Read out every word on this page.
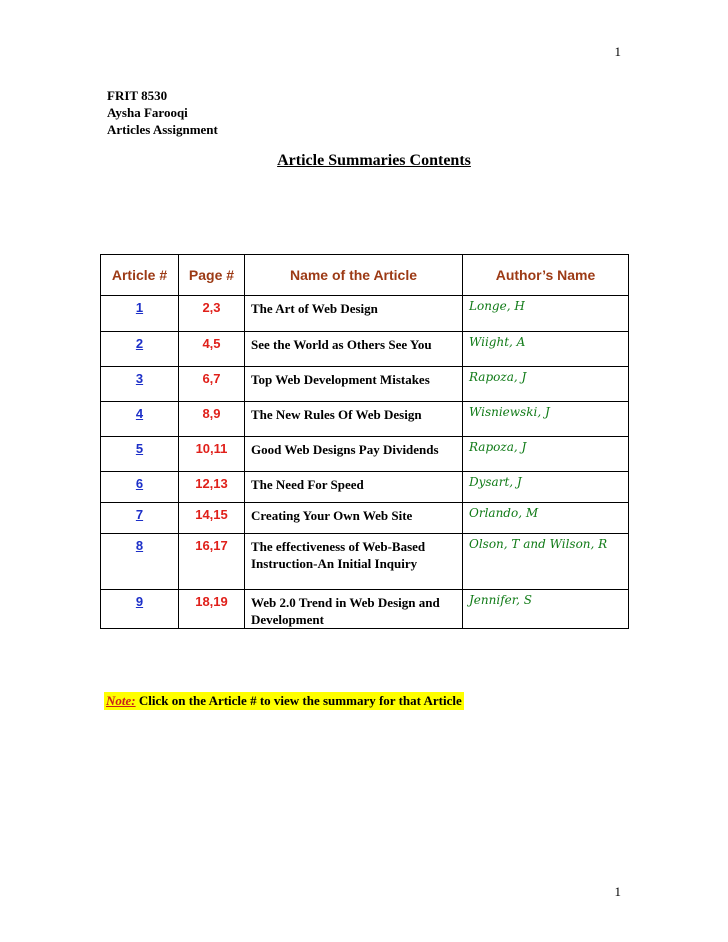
1
FRIT 8530
Aysha Farooqi
Articles Assignment
Article Summaries Contents
Article #	Page #	Name of the Article	Author’s Name
1	2,3	The Art of Web Design	Longe, H
2	4,5	See the World as Others See You	Wiight, A
3	6,7	Top Web Development Mistakes	Rapoza, J
4	8,9	The New Rules Of Web Design	Wisniewski, J
5	10,11	Good Web Designs Pay Dividends	Rapoza, J
6	12,13	The Need For Speed	Dysart, J
7	14,15	Creating Your Own Web Site	Orlando, M
8	16,17	The effectiveness of Web-Based Instruction-An Initial Inquiry	Olson, T and Wilson, R
9	18,19	Web 2.0 Trend in Web Design and Development	Jennifer, S
Note: Click on the Article # to view the summary for that Article
1
